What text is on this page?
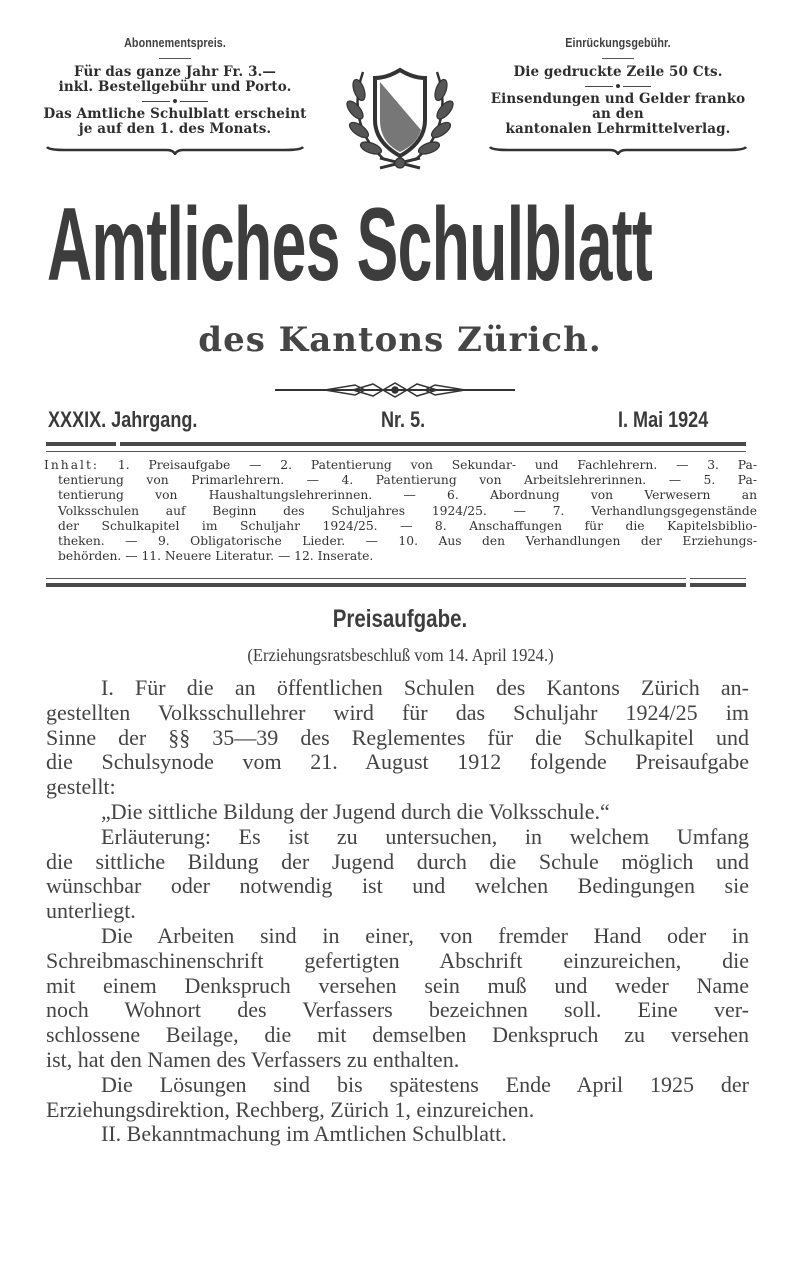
Abonnementspreis.
Für das ganze Jahr Fr. 3.—
inkl. Bestellgebühr und Porto.
Das Amtliche Schulblatt erscheint
je auf den 1. des Monats.
Einrückungsgebühr.
Die gedruckte Zeile 50 Cts.
Einsendungen und Gelder franko
an den
kantonalen Lehrmittelverlag.
Amtliches Schulblatt
des Kantons Zürich.
XXXIX. Jahrgang.	Nr. 5.	I. Mai 1924

Inhalt: 1. Preisaufgabe — 2. Patentierung von Sekundar- und Fachlehrern. — 3. Pa-

tentierung von Primarlehrern. — 4. Patentierung von Arbeitslehrerinnen. — 5. Pa-

tentierung von Haushaltungslehrerinnen. — 6. Abordnung von Verwesern an

Volksschulen auf Beginn des Schuljahres 1924/25. — 7. Verhandlungsgegenstände

der Schulkapitel im Schuljahr 1924/25. — 8. Anschaffungen für die Kapitelsbiblio-

theken. — 9. Obligatorische Lieder. — 10. Aus den Verhandlungen der Erziehungs-

behörden. — 11. Neuere Literatur. — 12. Inserate.

Preisaufgabe.
(Erziehungsratsbeschluß vom 14. April 1924.)

I. Für die an öffentlichen Schulen des Kantons Zürich an-

gestellten Volksschullehrer wird für das Schuljahr 1924/25 im

Sinne der §§ 35—39 des Reglementes für die Schulkapitel und

die Schulsynode vom 21. August 1912 folgende Preisaufgabe

gestellt:

„Die sittliche Bildung der Jugend durch die Volksschule.“

Erläuterung: Es ist zu untersuchen, in welchem Umfang

die sittliche Bildung der Jugend durch die Schule möglich und

wünschbar oder notwendig ist und welchen Bedingungen sie

unterliegt.

Die Arbeiten sind in einer, von fremder Hand oder in

Schreibmaschinenschrift gefertigten Abschrift einzureichen, die

mit einem Denkspruch versehen sein muß und weder Name

noch Wohnort des Verfassers bezeichnen soll. Eine ver-

schlossene Beilage, die mit demselben Denkspruch zu versehen

ist, hat den Namen des Verfassers zu enthalten.

Die Lösungen sind bis spätestens Ende April 1925 der

Erziehungsdirektion, Rechberg, Zürich 1, einzureichen.

II. Bekanntmachung im Amtlichen Schulblatt.
